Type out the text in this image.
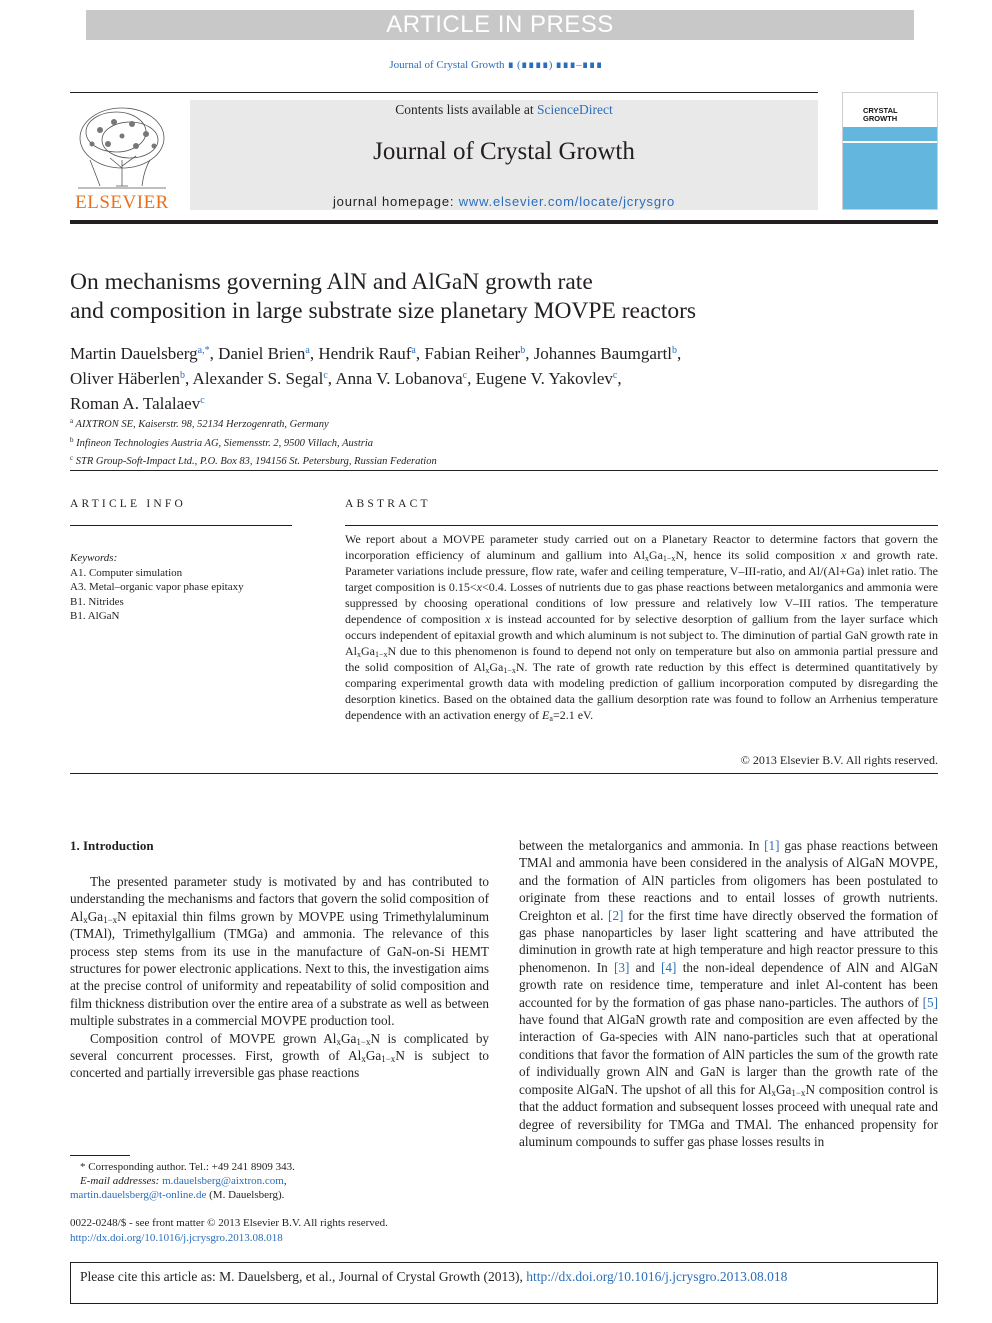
ARTICLE IN PRESS
Journal of Crystal Growth ∎ (∎∎∎∎) ∎∎∎–∎∎∎
ELSEVIER
Contents lists available at ScienceDirect
Journal of Crystal Growth
journal homepage: www.elsevier.com/locate/jcrysgro
CRYSTAL
GROWTH
On mechanisms governing AlN and AlGaN growth rate
and composition in large substrate size planetary MOVPE reactors
Martin Dauelsberg$^{a,*}$, Daniel Brien$^a$, Hendrik Rauf$^a$, Fabian Reiher$^b$, Johannes Baumgartl$^b$,
Oliver Häberlen$^b$, Alexander S. Segal$^c$, Anna V. Lobanova$^c$, Eugene V. Yakovlev$^c$,
Roman A. Talalaev$^c$
$^a$ AIXTRON SE, Kaiserstr. 98, 52134 Herzogenrath, Germany
$^b$ Infineon Technologies Austria AG, Siemensstr. 2, 9500 Villach, Austria
$^c$ STR Group-Soft-Impact Ltd., P.O. Box 83, 194156 St. Petersburg, Russian Federation
ARTICLE INFO	ABSTRACT
Keywords:
A1. Computer simulation
A3. Metal–organic vapor phase epitaxy
B1. Nitrides
B1. AlGaN
We report about a MOVPE parameter study carried out on a Planetary Reactor to determine factors that govern the incorporation efficiency of aluminum and gallium into $Al_xGa_{1-x}N$, hence its solid composition x and growth rate. Parameter variations include pressure, flow rate, wafer and ceiling temperature, V–III-ratio, and Al/(Al+Ga) inlet ratio. The target composition is 0.15<x<0.4. Losses of nutrients due to gas phase reactions between metalorganics and ammonia were suppressed by choosing operational conditions of low pressure and relatively low V–III ratios. The temperature dependence of composition x is instead accounted for by selective desorption of gallium from the layer surface which occurs independent of epitaxial growth and which aluminum is not subject to. The diminution of partial GaN growth rate in $Al_xGa_{1-x}N$ due to this phenomenon is found to depend not only on temperature but also on ammonia partial pressure and the solid composition of $Al_xGa_{1-x}N$. The rate of growth rate reduction by this effect is determined quantitatively by comparing experimental growth data with modeling prediction of gallium incorporation computed by disregarding the desorption kinetics. Based on the obtained data the gallium desorption rate was found to follow an Arrhenius temperature dependence with an activation energy of $E_a=2.1$ eV.
© 2013 Elsevier B.V. All rights reserved.
1. Introduction

The presented parameter study is motivated by and has contributed to understanding the mechanisms and factors that govern the solid composition of $Al_xGa_{1-x}N$ epitaxial thin films grown by MOVPE using Trimethylaluminum (TMAl), Trimethylgallium (TMGa) and ammonia. The relevance of this process step stems from its use in the manufacture of GaN-on-Si HEMT structures for power electronic applications. Next to this, the investigation aims at the precise control of uniformity and repeatability of solid composition and film thickness distribution over the entire area of a substrate as well as between multiple substrates in a commercial MOVPE production tool.

Composition control of MOVPE grown $Al_xGa_{1-x}N$ is complicated by several concurrent processes. First, growth of $Al_xGa_{1-x}N$ is subject to concerted and partially irreversible gas phase reactions

between the metalorganics and ammonia. In [1] gas phase reactions between TMAl and ammonia have been considered in the analysis of AlGaN MOVPE, and the formation of AlN particles from oligomers has been postulated to originate from these reactions and to entail losses of growth nutrients. Creighton et al. [2] for the first time have directly observed the formation of gas phase nanoparticles by laser light scattering and have attributed the diminution in growth rate at high temperature and high reactor pressure to this phenomenon. In [3] and [4] the non-ideal dependence of AlN and AlGaN growth rate on residence time, temperature and inlet Al-content has been accounted for by the formation of gas phase nano-particles. The authors of [5] have found that AlGaN growth rate and composition are even affected by the interaction of Ga-species with AlN nano-particles such that at operational conditions that favor the formation of AlN particles the sum of the growth rate of individually grown AlN and GaN is larger than the growth rate of the composite AlGaN. The upshot of all this for $Al_xGa_{1-x}N$ composition control is that the adduct formation and subsequent losses proceed with unequal rate and degree of reversibility for TMGa and TMAl. The enhanced propensity for aluminum compounds to suffer gas phase losses results in

* Corresponding author. Tel.: +49 241 8909 343.
E-mail addresses: m.dauelsberg@aixtron.com,
martin.dauelsberg@t-online.de (M. Dauelsberg).
0022-0248/$ - see front matter © 2013 Elsevier B.V. All rights reserved.
http://dx.doi.org/10.1016/j.jcrysgro.2013.08.018
Please cite this article as: M. Dauelsberg, et al., Journal of Crystal Growth (2013), http://dx.doi.org/10.1016/j.jcrysgro.2013.08.018
